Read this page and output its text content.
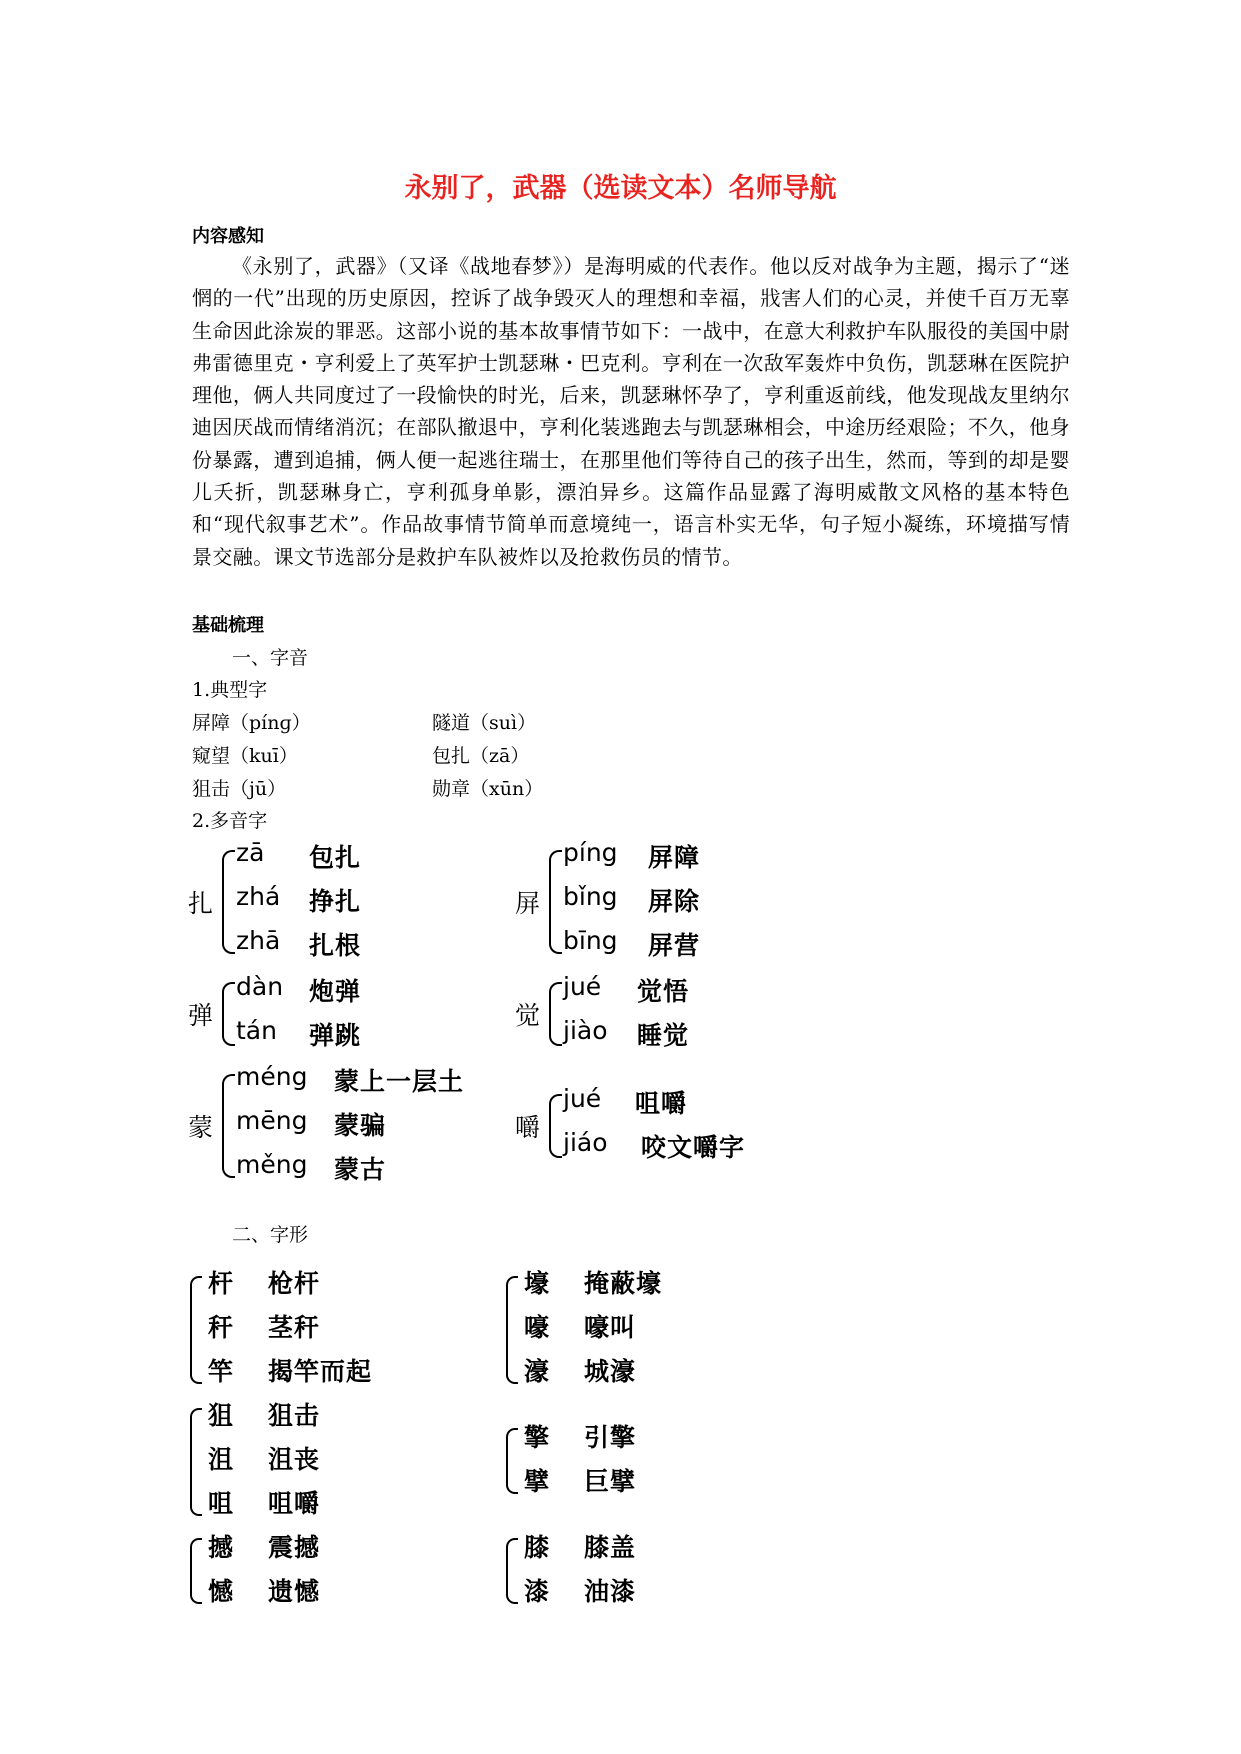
永别了，武器（选读文本）名师导航
内容感知

《永别了，武器》（又译《战地春梦》）是海明威的代表作。他以反对战争为主题，揭示了“迷惘的一代”出现的历史原因，控诉了战争毁灭人的理想和幸福，戕害人们的心灵，并使千百万无辜生命因此涂炭的罪恶。这部小说的基本故事情节如下：一战中，在意大利救护车队服役的美国中尉弗雷德里克・亨利爱上了英军护士凯瑟琳・巴克利。亨利在一次敌军轰炸中负伤，凯瑟琳在医院护理他，俩人共同度过了一段愉快的时光，后来，凯瑟琳怀孕了，亨利重返前线，他发现战友里纳尔迪因厌战而情绪消沉；在部队撤退中，亨利化装逃跑去与凯瑟琳相会，中途历经艰险；不久，他身份暴露，遭到追捕，俩人便一起逃往瑞士，在那里他们等待自己的孩子出生，然而，等到的却是婴儿夭折，凯瑟琳身亡，亨利孤身单影，漂泊异乡。这篇作品显露了海明威散文风格的基本特色和“现代叙事艺术”。作品故事情节简单而意境纯一，语言朴实无华，句子短小凝练，环境描写情景交融。课文节选部分是救护车队被炸以及抢救伤员的情节。

基础梳理
一、字音
1.典型字
屏障（pínɡ）	隧道（suì）
窥望（kuī）	包扎（zā）
狙击（jū）	勋章（xūn）
2.多音字
扎
zā 包扎
zhá 挣扎
zhā 扎根
屏
píng 屏障
bǐng 屏除
bīng 屏营
弹
dàn 炮弹
tán 弹跳
觉
jué 觉悟
jiào 睡觉
蒙
méng 蒙上一层土
mēng 蒙骗
měng 蒙古
嚼
jué 咀嚼
jiáo 咬文嚼字
二、字形
杆 枪杆
秆 茎秆
竿 揭竿而起
壕 掩蔽壕
嚎 嚎叫
濠 城濠
狙 狙击
沮 沮丧
咀 咀嚼
擎 引擎
擘 巨擘
撼 震撼
憾 遗憾
膝 膝盖
漆 油漆
